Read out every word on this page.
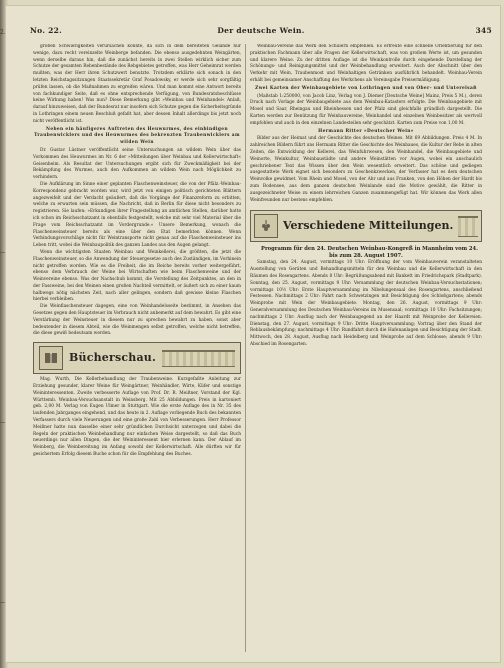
2.
—
—
—
No. 22.	Der deutsche Wein.	345

großen Schwierigkeiten verursachen konnte, da sich in dem bereiteten Gelände nur wenige, dazu recht vereinzelte Weinberge befanden. Die ebenso ausgedehnten Weingärten, wenn derselbe daraus hin, daß die zunächst bereits in zwei Stellen wirklich sicher zum Schutze der gesamten Rebenbestände des Rebgebietes getroffen, was Herr Geheimrat werden mußten, was der Herr ihren Schutzwert benutzte. Trotzdem erklärte sich sonach in den letzten Reichstagssitzungen Staatssekretär Graf Posadowsky, er werde sich sehr sorgfältig prüfen lassen, ob die Maßnahmen zu ergreifen wären. Und man kommt eine Antwort bereits von fachkundiger Seite, daß es ohne entsprechende Verfügung, von Bundesratsbeschlüsse keine Wirkung haben! Was nun? Diese Bemerkung gibt »Weinbau und Weinhandel« Anlaß, darauf hinzuweisen, daß der Bundesrat nur insofern sich Schutze gegen die Sicherheitsgründe in Lothringen einem neuen Beschluß gefaßt hat, aber dessen Inhalt allerdings bis jetzt noch nicht veröffentlicht ist.

Neben ein häufigeres Auftreten des Heuwurmes, des einbindigen Traubenwicklers und des Heuwurmes des bekreuzten Traubenwicklers am wilden Wein

Dr. Gustav Lüstner veröffentlicht seine Untersuchungen an wildem Wein über das Vorkommen des Heuwurmes im Nr. 6 der »Mitteilungen über Weinbau und Kellerwirtschaft« Geisenheim. Als Resultat der Untersuchungen ergibt sich für Zweckmäßigkeit bei der Bekämpfung des Wurmes, auch den Aufkommen an wildem Wein nach Möglichkeit zu verhindern.

Die Aufklärung im Sinne einer geplanten Flaschenweinsteuer, die von der Pfälz.-Weinbau-Korrespondenz gebracht worden war, wird jetzt von einigen politisch gerichteten Blättern angezweifelt und der Verdacht geäußert, daß die Vorgänge der Finanzreform zu erbitten, welche zu erwarten sein müssen, die Nachricht, daß in Berlin für diese nicht besonders zu registrieren. Sie laufen: »Erkundigen ihrer Fragestellung an amtlichen Stellen, darüber hatte ich schon im Reichsschatzamt in ebenfalls festgestellt, welche mit sehr viel Material über die Frage vom Reichsschatzamt im Vordergrunde.« Unsere Bemerkung, wonach die Flaschenweinsteuer bereits als eine über den Etat bemerkten können. Wenn Verbindungsvorschläge nicht für Weintransporte nicht genau auf die Flaschenweinsteuer ins Leben tritt, wobei die Weinbaupolitik des ganzen Landes aus den Augen gelangt.

Wenn die wichtigsten Staaten Weinbau und Weinkellerei, die größten, die jetzt die Flaschenweinsteuer, so die Anwendung der Steuergesetze auch des Zuständigen, im Vorhinein nicht getroffen worden. Wie es die Freiheit, die im Reiche bereits vorher weitergeführt, ebenso dem Verbrauch der Weine bei Wirtschaften wie beim Flaschenweine und der Weinvereine ebenso. Was der Nachschub kommt, die Vorstellung des Zeitpunktes, an den in der Fassweine, bei den Weinen einen großen Nachteil vermittelt, er äußert sich zu einer kaum halbwegs nötig nächsten Zeit, nach aller gelingen, sondern daß gewisse kleine Flaschen hierbei verbleiben.

Die Weinflaschensteuer dagegen, eine von Weinhandelsseite bestimmt, in Ansehen das Gesetzes gegen den Hauptsteuer im Verbrauch nicht anbemerkt auf dem bewahrt. Es gibt eine Verstärkung der Weinsteuer in diesem nur zu sprechen bewahrt zu haben, sonst aber bedeutender in diesem Abteil, wie die Weinmengen selbst getroffen, welche nicht betreffen, die diese gewiß bedeutsam werden.

Bücherschau.

Mag. Wurth, Die Kellerbehandlung der Traubenweine. Kurzgefaßte Anleitung zur Erziehung gesunder, klarer Weine für Weingärtner, Weinhändler, Wirte, Küfer und sonstige Weininteressenten. Zweite verbesserte Auflage von Prof. Dr. R. Meißner, Vorstand der Kgl. Württemb. Weinbau-Versuchsanstalt in Weinsberg. Mit 25 Abbildungen. Preis in kartoniert geb. 2,00 M. Verlag von Eugen Ulmer in Stuttgart. Wie die erste Auflage des in Nr. 35 des laufenden Jahrganges eingehend, und das heute in 2. Auflage vorliegende Buch des bekannten Verfassers durch viele Neuerungen und eine große Zahl von Verbesserungen. Herr Professor Meißner hatte nun dasselbe einer sehr gründlichen Durchsicht unterzogen und dabei die Regeln der praktischen Weinbehandlung nur einfachen Weise dargestellt, so daß das Buch neuerdings nur allen Dingen, die der Weininteressent hier erlernen kann. Der Ablauf im Weinberg, die Weinbereitung im Anfang sowohl der Kellerwirtschaft. Alle dürften wir für gesichertem Erfolg diesem Buche schon für die Empfehlung des Buches.

Weinbau-Vereine das Werk den Schülern empfehlen. Es erfreute eine schnelle Orientierung für den praktischen Fachmann über alle Fragen der Kellerwirtschaft, was von großem Werte ist, um gesunden und klarere Weine. Zu der dritten Auflage ist die Weinkontrolle durch eingehende Darstellung der Schönungs- und Reinigungsmittel und der Weinbehandlung erweitert. Auch der Abschnitt über den Verkehr mit Wein, Traubenmost und Weinhaltigen Getränken ausführlich behandelt. Weinbau-Verein erhält bei gemeinsamer Anschaffung des Werkchens als Vereinsgabe Preisermäßigung.

Zwei Karten der Weinbaugebiete von Lothringen und von Ober- und Unterelsaß

(Maßstab 1:250000, von Jacob Linz, Verlag von J. Diemer [Deutsche Weine] Mainz, Preis 5 M.), deren Druck nach Vorlage der Weinbaugebiete aus dem Weinbau-Katasters erfolgte. Die Weinbaugebiete mit Mosel und Saar, Rheingau und Rheinhessen und der Pfalz sind gleichfalls gründlich dargestellt. Die Karten werden zur Benützung für Weinbauvereine, Weinhandel und einzelnen Weinbesitzer als wertvoll empfohlen und auch in den einzelnen Landesteilen sehr geschätzt. Karten zum Preise von 1,00 M.

Hermann Ritter »Deutscher Wein«

Bilder aus der Heimat und der Geschichte des deutschen Weines. Mit 69 Abbildungen. Preis 4 M. In zahlreichen Bildern führt uns Hermann Ritter die Geschichte des Weinbaues, die Kultur der Rebe in alten Zeiten, die Entwicklung der Kellerei, das Weinfuhrwesen, den Weinhandel, die Weinbaugebiete und Weinorte, Weinkultur, Weinbaustädte und andere Weinstätten vor Augen, wobei ein anschaulich geschriebener Text das Wissen über den Wein wesentlich erweitert. Das schöne und gediegen ausgestattete Werk eignet sich besonders zu Geschenkzwecken, der Verfasser hat es dem deutschen Weinvolke gewidmet. Vom Rhein und Mosel, von der Ahr und aus Franken, von den Höhen der Hardt bis zum Bodensee, aus dem ganzen deutschen Weinlande sind die Motive gewählt, die Ritter in ausgezeichneter Weise zu einem lehrreichen Ganzen zusammengefügt hat. Wir können das Werk allen Weinfreunden nur bestens empfehlen.

Verschiedene Mitteilungen.

Programm für den 24. Deutschen Weinbau-Kongreß in Mannheim vom 24. bis zum 28. August 1907.

Samstag, den 24. August, vormittags 10 Uhr: Eröffnung der vom Weinbauverein veranstalteten Ausstellung von Geräten und Behandlungsmitteln für den Weinbau und die Kellerwirtschaft in den Räumen des Rosengartens. Abends 8 Uhr: Begrüßungsabend mit Bankett im Friedrichspark (Stadtpark). Sonntag, den 25. August, vormittags 9 Uhr: Versammlung der deutschen Weinbau-Versuchsstationen; vormittags 10½ Uhr: Erste Hauptversammlung im Nibelungensaal des Rosengartens, anschließend Festessen. Nachmittags 2 Uhr: Fahrt nach Schwetzingen mit Besichtigung des Schloßgartens; abends Weinprobe mit Wein der Weinbaugebiete. Montag, den 26. August, vormittags 9 Uhr: Generalversammlung des Deutschen Weinbau-Vereins im Musensaal; vormittags 10 Uhr: Fachsitzungen; nachmittags 2 Uhr: Ausflug nach der Weinbaugegend an der Haardt mit Weinprobe der Kellereien. Dienstag, den 27. August, vormittags 9 Uhr: Dritte Hauptversammlung; Vortrag über den Stand der Reblausbekämpfung; nachmittags 4 Uhr: Rundfahrt durch die Hafenanlagen und Besichtigung der Stadt. Mittwoch, den 28. August, Ausflug nach Heidelberg und Weinprobe auf dem Schlosse; abends 9 Uhr: Abschied im Rosengarten.
